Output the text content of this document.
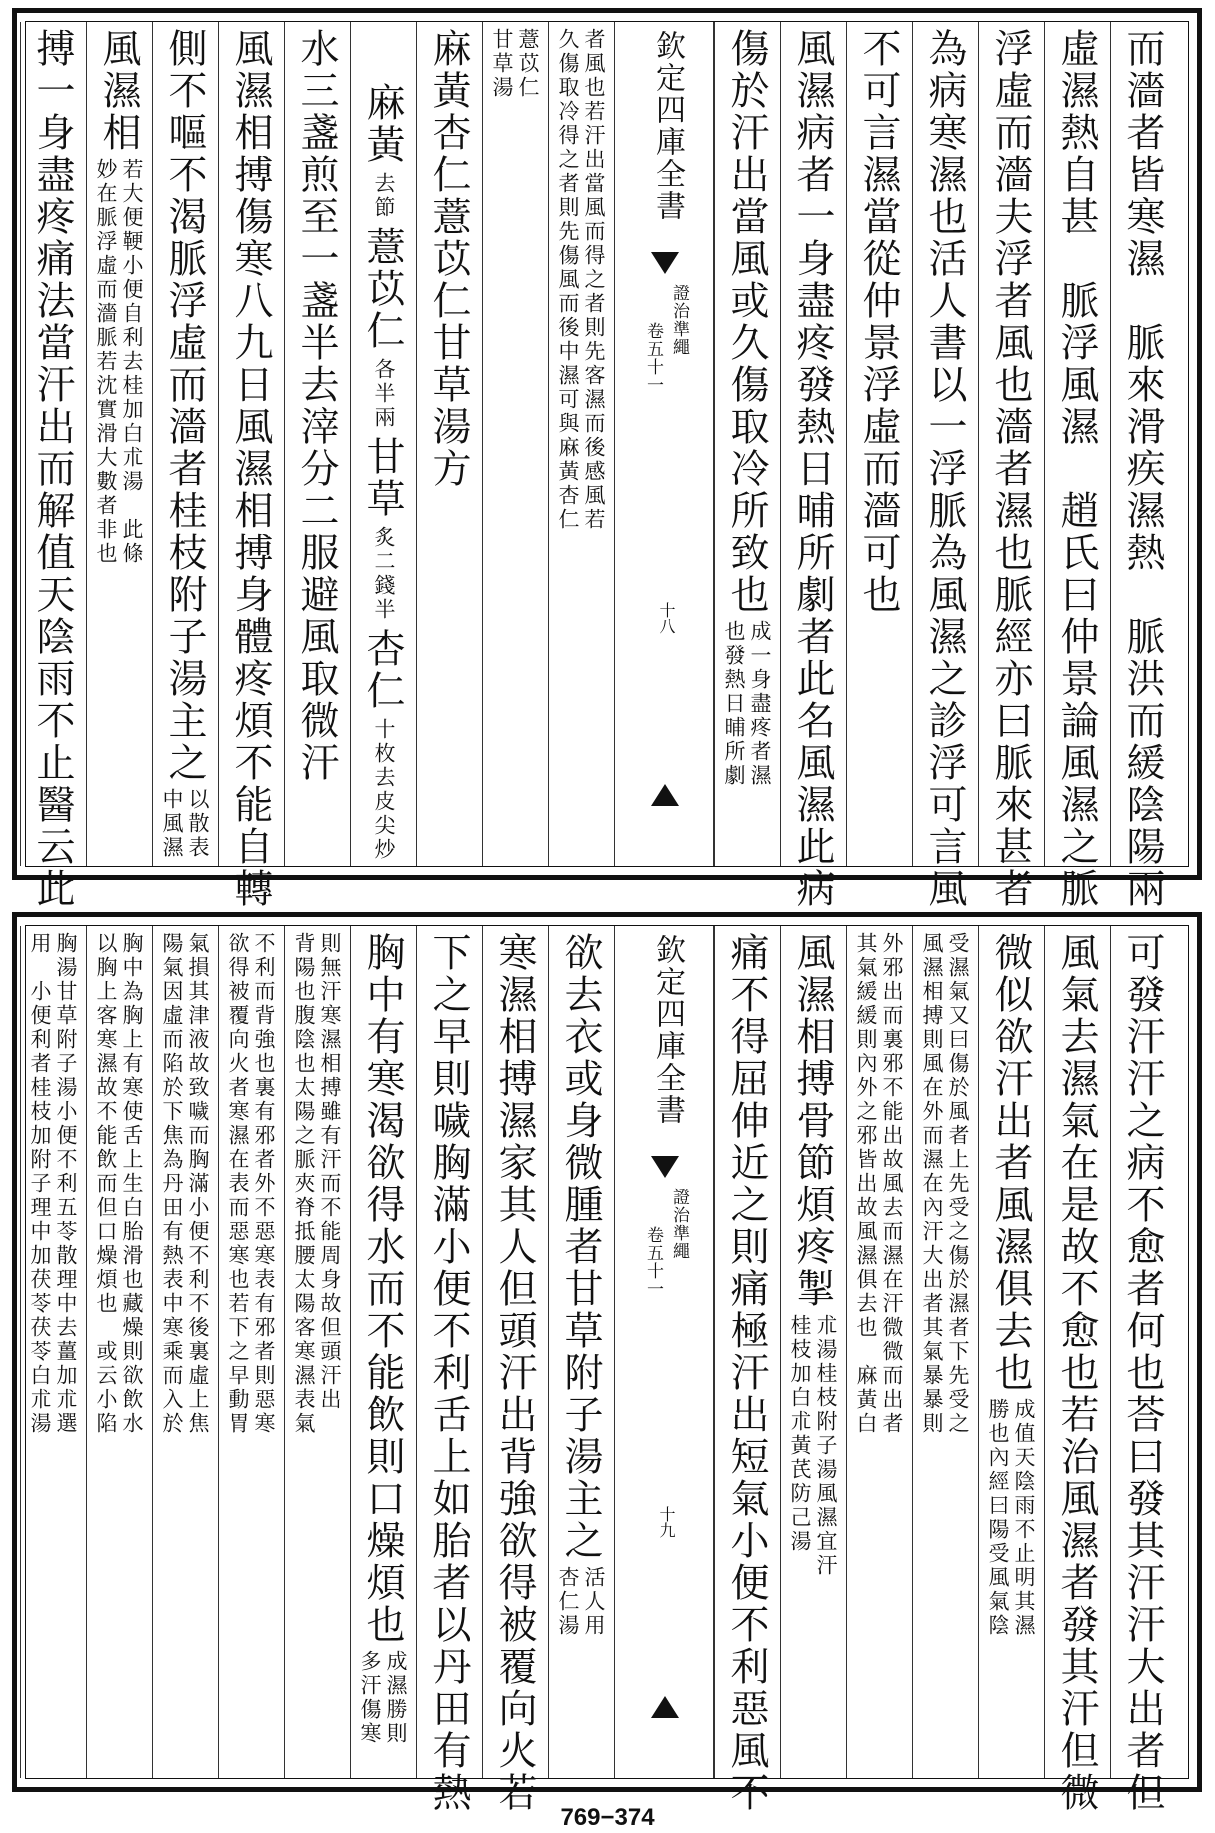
而濇者皆寒濕　脈來滑疾濕熱　脈洪而緩陰陽兩
虛濕熱自甚　脈浮風濕　趙氏曰仲景論風濕之脈
浮虛而濇夫浮者風也濇者濕也脈經亦曰脈來甚者
為病寒濕也活人書以一浮脈為風濕之診浮可言風
不可言濕當從仲景浮虛而濇可也
風濕病者一身盡疼發熱日晡所劇者此名風濕此病
傷於汗出當風或久傷取冷所致也
成一身盡疼者濕
也發熱日晡所劇
欽定四庫全書
證治準繩
卷五十一
十八
者風也若汗出當風而得之者則先客濕而後感風若
久傷取冷得之者則先傷風而後中濕可與麻黃杏仁
薏苡仁
甘草湯
麻黃杏仁薏苡仁甘草湯方
麻黃
去節
薏苡仁
各半兩
甘草
炙二錢半
杏仁
十枚去皮尖炒
水三盞煎至一盞半去滓分二服避風取微汗
風濕相搏傷寒八九日風濕相搏身體疼煩不能自轉
側不嘔不渴脈浮虛而濇者桂枝附子湯主之
以散表
中風濕
風濕相
若大便鞕小便自利去桂加白朮湯　此條
妙在脈浮虛而濇脈若沈實滑大數者非也
搏一身盡疼痛法當汗出而解值天陰雨不止醫云此
可發汗汗之病不愈者何也荅曰發其汗汗大出者但
風氣去濕氣在是故不愈也若治風濕者發其汗但微
微似欲汗出者風濕俱去也
成值天陰雨不止明其濕
勝也內經曰陽受風氣陰
受濕氣又曰傷於風者上先受之傷於濕者下先受之
風濕相搏則風在外而濕在內汗大出者其氣暴暴則
外邪出而裏邪不能出故風去而濕在汗微微而出者
其氣緩緩則內外之邪皆出故風濕俱去也　麻黃白
風濕相搏骨節煩疼掣
朮湯桂枝附子湯風濕宜汗
桂枝加白朮黃芪防己湯
痛不得屈伸近之則痛極汗出短氣小便不利惡風不
欽定四庫全書
證治準繩
卷五十一
十九
欲去衣或身微腫者甘草附子湯主之
活人用
杏仁湯
寒濕相搏濕家其人但頭汗出背強欲得被覆向火若
下之早則噦胸滿小便不利舌上如胎者以丹田有熱
胸中有寒渴欲得水而不能飲則口燥煩也
成濕勝則
多汗傷寒
則無汗寒濕相搏雖有汗而不能周身故但頭汗出
背陽也腹陰也太陽之脈夾脊抵腰太陽客寒濕表氣
不利而背強也裏有邪者外不惡寒表有邪者則惡寒
欲得被覆向火者寒濕在表而惡寒也若下之早動胃
氣損其津液故致噦而胸滿小便不利不後裏虛上焦
陽氣因虛而陷於下焦為丹田有熱表中寒乘而入於
胸中為胸上有寒使舌上生白胎滑也藏燥則欲飲水
以胸上客寒濕故不能飲而但口燥煩也　或云小陷
胸湯甘草附子湯小便不利五苓散理中去薑加朮選
用　小便利者桂枝加附子理中加茯苓茯苓白朮湯
769−374
